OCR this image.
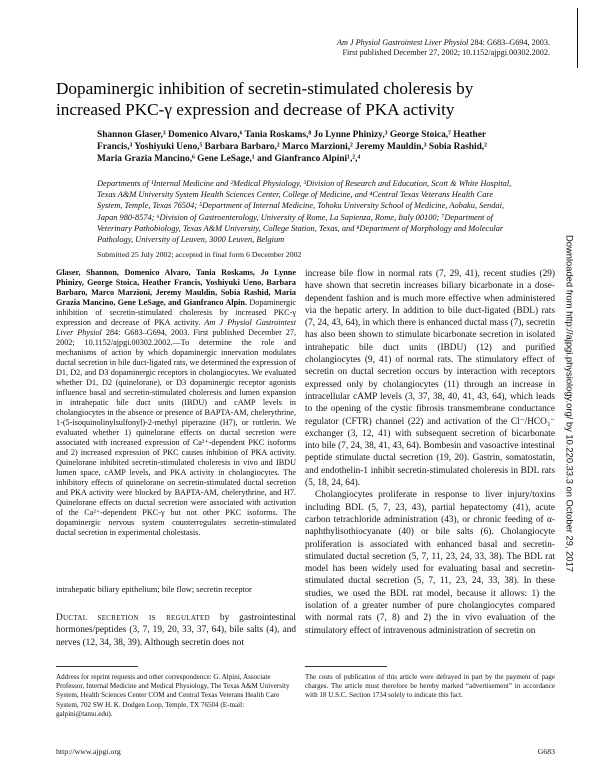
Am J Physiol Gastrointest Liver Physiol 284: G683–G694, 2003.
First published December 27, 2002; 10.1152/ajpgi.00302.2002.
Dopaminergic inhibition of secretin-stimulated choleresis by increased PKC-γ expression and decrease of PKA activity
Shannon Glaser,³ Domenico Alvaro,⁶ Tania Roskams,⁸ Jo Lynne Phinizy,³ George Stoica,⁷ Heather Francis,³ Yoshiyuki Ueno,⁵ Barbara Barbaro,² Marco Marzioni,² Jeremy Mauldin,³ Sobia Rashid,² Maria Grazia Mancino,⁶ Gene LeSage,¹ and Gianfranco Alpini¹,²,⁴
Departments of ¹Internal Medicine and ²Medical Physiology, ³Division of Research and Education, Scott & White Hospital, Texas A&M University System Health Sciences Center, College of Medicine, and ⁴Central Texas Veterans Health Care System, Temple, Texas 76504; ⁵Department of Internal Medicine, Tohoku University School of Medicine, Aobaku, Sendai, Japan 980-8574; ⁶Division of Gastroenterology, University of Rome, La Sapienza, Rome, Italy 00100; ⁷Department of Veterinary Pathobiology, Texas A&M University, College Station, Texas, and ⁸Department of Morphology and Molecular Pathology, University of Leuven, 3000 Leuven, Belgium
Submitted 25 July 2002; accepted in final form 6 December 2002
Glaser, Shannon, Domenico Alvaro, Tania Roskams, Jo Lynne Phinizy, George Stoica, Heather Francis, Yoshiyuki Ueno, Barbara Barbaro, Marco Marzioni, Jeremy Mauldin, Sobia Rashid, Maria Grazia Mancino, Gene LeSage, and Gianfranco Alpin. Dopaminergic inhibition of secretin-stimulated choleresis by increased PKC-γ expression and decrease of PKA activity. Am J Physiol Gastrointest Liver Physiol 284: G683–G694, 2003. First published December 27, 2002; 10.1152/ajpgi.00302.2002.—To determine the role and mechanisms of action by which dopaminergic innervation modulates ductal secretion in bile duct-ligated rats, we determined the expression of D1, D2, and D3 dopaminergic receptors in cholangiocytes. We evaluated whether D1, D2 (quinelorane), or D3 dopaminergic receptor agonists influence basal and secretin-stimulated choleresis and lumen expansion in intrahepatic bile duct units (IBDU) and cAMP levels in cholangiocytes in the absence or presence of BAPTA-AM, chelerythrine, 1-(5-isoquinolinylsulfonyl)-2-methyl piperazine (H7), or rottlerin. We evaluated whether 1) quinelorane effects on ductal secretion were associated with increased expression of Ca²⁺-dependent PKC isoforms and 2) increased expression of PKC causes inhibition of PKA activity. Quinelorane inhibited secretin-stimulated choleresis in vivo and IBDU lumen space, cAMP levels, and PKA activity in cholangiocytes. The inhibitory effects of quinelorane on secretin-stimulated ductal secretion and PKA activity were blocked by BAPTA-AM, chelerythrine, and H7. Quinelorane effects on ductal secretion were associated with activation of the Ca²⁺-dependent PKC-γ but not other PKC isoforms. The dopaminergic nervous system counterregulates secretin-stimulated ductal secretion in experimental cholestasis.
intrahepatic biliary epithelium; bile flow; secretin receptor
Ductal secretion is regulated by gastrointestinal hormones/peptides (3, 7, 19, 20, 33, 37, 64), bile salts (4), and nerves (12, 34, 38, 39). Although secretin does not

increase bile flow in normal rats (7, 29, 41), recent studies (29) have shown that secretin increases biliary bicarbonate in a dose-dependent fashion and is much more effective when administered via the hepatic artery. In addition to bile duct-ligated (BDL) rats (7, 24, 43, 64), in which there is enhanced ductal mass (7), secretin has also been shown to stimulate bicarbonate secretion in isolated intrahepatic bile duct units (IBDU) (12) and purified cholangiocytes (9, 41) of normal rats. The stimulatory effect of secretin on ductal secretion occurs by interaction with receptors expressed only by cholangiocytes (11) through an increase in intracellular cAMP levels (3, 37, 38, 40, 41, 43, 64), which leads to the opening of the cystic fibrosis transmembrane conductance regulator (CFTR) channel (22) and activation of the Cl⁻/HCO₃⁻ exchanger (3, 12, 41) with subsequent secretion of bicarbonate into bile (7, 24, 38, 41, 43, 64). Bombesin and vasoactive intestinal peptide stimulate ductal secretion (19, 20). Gastrin, somatostatin, and endothelin-1 inhibit secretin-stimulated choleresis in BDL rats (5, 18, 24, 64).

Cholangiocytes proliferate in response to liver injury/toxins including BDL (5, 7, 23, 43), partial hepatectomy (41), acute carbon tetrachloride administration (43), or chronic feeding of α-naphthylisothiocyanate (40) or bile salts (6). Cholangiocyte proliferation is associated with enhanced basal and secretin-stimulated ductal secretion (5, 7, 11, 23, 24, 33, 38). The BDL rat model has been widely used for evaluating basal and secretin-stimulated ductal secretion (5, 7, 11, 23, 24, 33, 38). In these studies, we used the BDL rat model, because it allows: 1) the isolation of a greater number of pure cholangiocytes compared with normal rats (7, 8) and 2) the in vivo evaluation of the stimulatory effect of intravenous administration of secretin on

Address for reprint requests and other correspondence: G. Alpini, Associate Professor, Internal Medicine and Medical Physiology, The Texas A&M University System, Health Sciences Center COM and Central Texas Veterans Health Care System, 702 SW H. K. Dodgen Loop, Temple, TX 76504 (E-mail: galpini@tamu.edu).
The costs of publication of this article were defrayed in part by the payment of page charges. The article must therefore be hereby marked “advertisement” in accordance with 18 U.S.C. Section 1734 solely to indicate this fact.
http://www.ajpgi.org	G683
Downloaded from http://ajpgi.physiology.org/ by 10.220.33.3 on October 29, 2017
